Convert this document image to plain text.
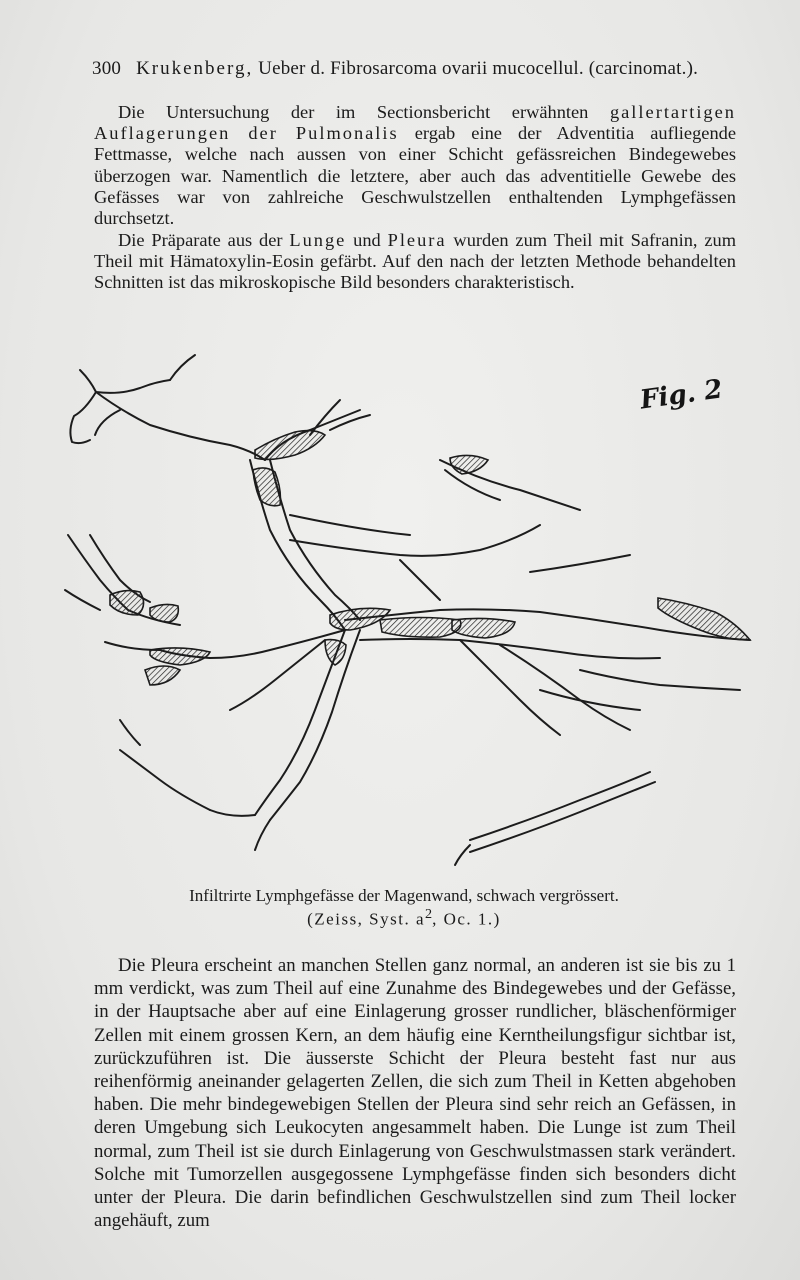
300 Krukenberg, Ueber d. Fibrosarcoma ovarii mucocellul. (carcinomat.).

Die Untersuchung der im Sectionsbericht erwähnten gallertartigen Auflagerungen der Pulmonalis ergab eine der Adventitia aufliegende Fettmasse, welche nach aussen von einer Schicht gefässreichen Bindegewebes überzogen war. Namentlich die letztere, aber auch das adventitielle Gewebe des Gefässes war von zahlreiche Geschwulstzellen enthaltenden Lymphgefässen durchsetzt.

Die Präparate aus der Lunge und Pleura wurden zum Theil mit Safranin, zum Theil mit Hämatoxylin-Eosin gefärbt. Auf den nach der letzten Methode behandelten Schnitten ist das mikroskopische Bild besonders charakteristisch.

Fig. 2
Infiltrirte Lymphgefässe der Magenwand, schwach vergrössert.
(Zeiss, Syst. $a^2$, Oc. 1.)

Die Pleura erscheint an manchen Stellen ganz normal, an anderen ist sie bis zu 1 mm verdickt, was zum Theil auf eine Zunahme des Bindegewebes und der Gefässe, in der Hauptsache aber auf eine Einlagerung grosser rundlicher, bläschenförmiger Zellen mit einem grossen Kern, an dem häufig eine Kerntheilungsfigur sichtbar ist, zurückzuführen ist. Die äusserste Schicht der Pleura besteht fast nur aus reihenförmig aneinander gelagerten Zellen, die sich zum Theil in Ketten abgehoben haben. Die mehr bindegewebigen Stellen der Pleura sind sehr reich an Gefässen, in deren Umgebung sich Leukocyten angesammelt haben. Die Lunge ist zum Theil normal, zum Theil ist sie durch Einlagerung von Geschwulstmassen stark verändert. Solche mit Tumorzellen ausgegossene Lymphgefässe finden sich besonders dicht unter der Pleura. Die darin befindlichen Geschwulstzellen sind zum Theil locker angehäuft, zum
